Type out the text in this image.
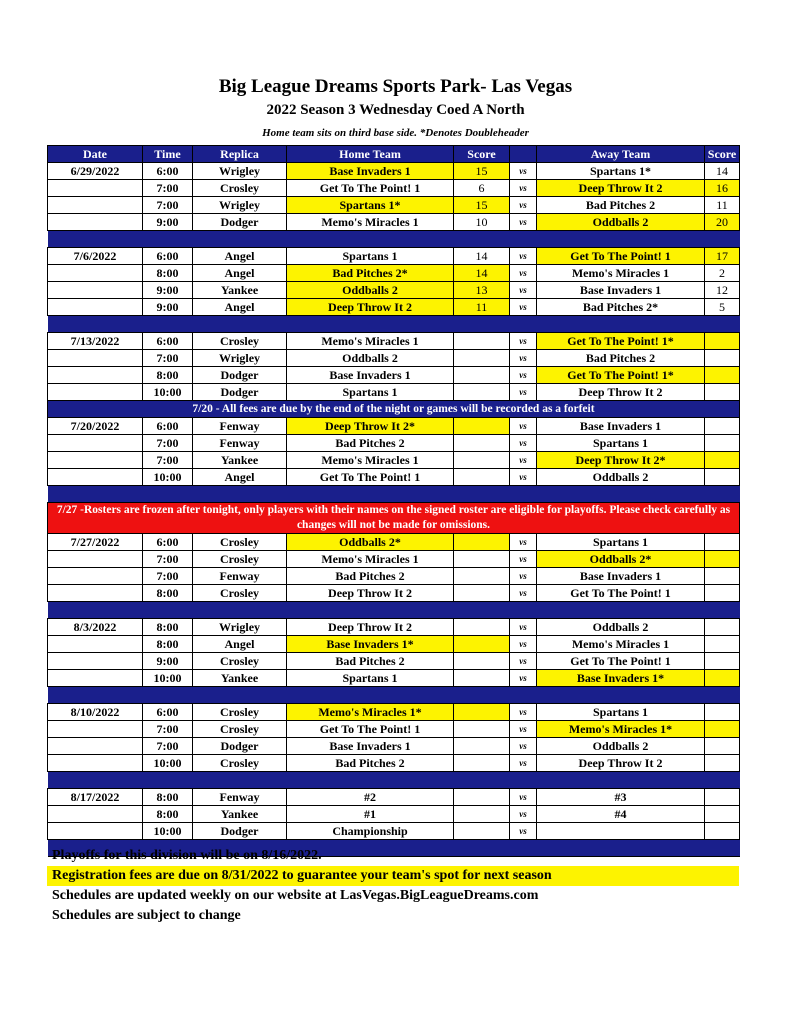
Big League Dreams Sports Park- Las Vegas
2022 Season 3 Wednesday Coed A North
Home team sits on third base side. *Denotes Doubleheader
Date	Time	Replica	Home Team	Score		Away Team	Score
6/29/2022	6:00	Wrigley	Base Invaders 1	15	vs	Spartans 1*	14
	7:00	Crosley	Get To The Point! 1	6	vs	Deep Throw It 2	16
	7:00	Wrigley	Spartans 1*	15	vs	Bad Pitches 2	11
	9:00	Dodger	Memo's Miracles 1	10	vs	Oddballs 2	20

7/6/2022	6:00	Angel	Spartans 1	14	vs	Get To The Point! 1	17
	8:00	Angel	Bad Pitches 2*	14	vs	Memo's Miracles 1	2
	9:00	Yankee	Oddballs 2	13	vs	Base Invaders 1	12
	9:00	Angel	Deep Throw It 2	11	vs	Bad Pitches 2*	5

7/13/2022	6:00	Crosley	Memo's Miracles 1		vs	Get To The Point! 1*	
	7:00	Wrigley	Oddballs 2		vs	Bad Pitches 2	
	8:00	Dodger	Base Invaders 1		vs	Get To The Point! 1*	
	10:00	Dodger	Spartans 1		vs	Deep Throw It 2	
7/20 - All fees are due by the end of the night or games will be recorded as a forfeit							
7/20/2022	6:00	Fenway	Deep Throw It 2*		vs	Base Invaders 1	
	7:00	Fenway	Bad Pitches 2		vs	Spartans 1	
	7:00	Yankee	Memo's Miracles 1		vs	Deep Throw It 2*	
	10:00	Angel	Get To The Point! 1		vs	Oddballs 2	

7/27 -Rosters are frozen after tonight, only players with their names on the signed roster are eligible for playoffs. Please check carefully as changes will not be made for omissions.							
7/27/2022	6:00	Crosley	Oddballs 2*		vs	Spartans 1	
	7:00	Crosley	Memo's Miracles 1		vs	Oddballs 2*	
	7:00	Fenway	Bad Pitches 2		vs	Base Invaders 1	
	8:00	Crosley	Deep Throw It 2		vs	Get To The Point! 1	

8/3/2022	8:00	Wrigley	Deep Throw It 2		vs	Oddballs 2	
	8:00	Angel	Base Invaders 1*		vs	Memo's Miracles 1	
	9:00	Crosley	Bad Pitches 2		vs	Get To The Point! 1	
	10:00	Yankee	Spartans 1		vs	Base Invaders 1*	

8/10/2022	6:00	Crosley	Memo's Miracles 1*		vs	Spartans 1	
	7:00	Crosley	Get To The Point! 1		vs	Memo's Miracles 1*	
	7:00	Dodger	Base Invaders 1		vs	Oddballs 2	
	10:00	Crosley	Bad Pitches 2		vs	Deep Throw It 2	

8/17/2022	8:00	Fenway	#2		vs	#3	
	8:00	Yankee	#1		vs	#4	
	10:00	Dodger	Championship		vs		

Playoffs for this division will be on 8/16/2022.
Registration fees are due on 8/31/2022 to guarantee your team's spot for next season
Schedules are updated weekly on our website at LasVegas.BigLeagueDreams.com
Schedules are subject to change
